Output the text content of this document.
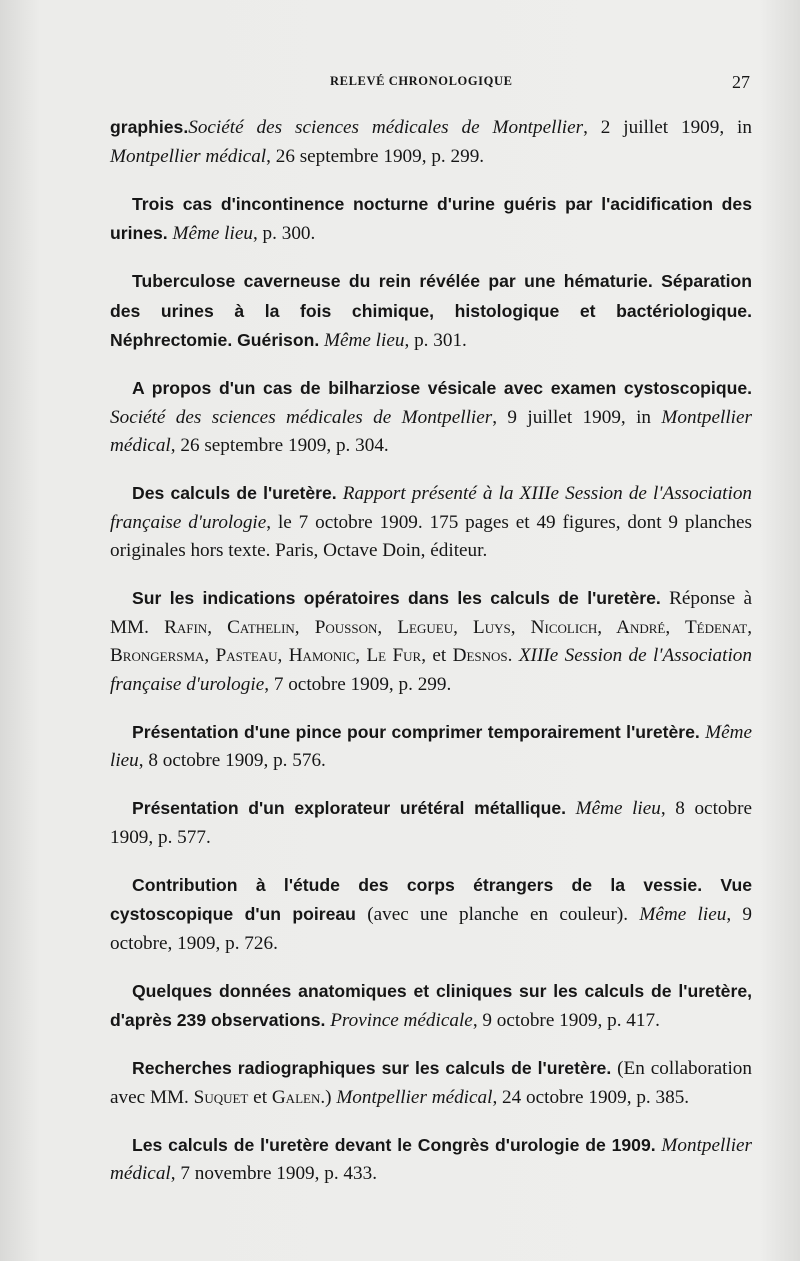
RELEVÉ CHRONOLOGIQUE	27

graphies.Société des sciences médicales de Montpellier, 2 juillet 1909, in Montpellier médical, 26 septembre 1909, p. 299.

Trois cas d'incontinence nocturne d'urine guéris par l'acidification des urines. Même lieu, p. 300.

Tuberculose caverneuse du rein révélée par une hématurie. Séparation des urines à la fois chimique, histologique et bactériologique. Néphrectomie. Guérison. Même lieu, p. 301.

A propos d'un cas de bilharziose vésicale avec examen cystoscopique. Société des sciences médicales de Montpellier, 9 juillet 1909, in Montpellier médical, 26 septembre 1909, p. 304.

Des calculs de l'uretère. Rapport présenté à la XIIIe Session de l'Association française d'urologie, le 7 octobre 1909. 175 pages et 49 figures, dont 9 planches originales hors texte. Paris, Octave Doin, éditeur.

Sur les indications opératoires dans les calculs de l'uretère. Réponse à MM. Rafin, Cathelin, Pousson, Legueu, Luys, Nicolich, André, Tédenat, Brongersma, Pasteau, Hamonic, Le Fur, et Desnos. XIIIe Session de l'Association française d'urologie, 7 octobre 1909, p. 299.

Présentation d'une pince pour comprimer temporairement l'uretère. Même lieu, 8 octobre 1909, p. 576.

Présentation d'un explorateur urétéral métallique. Même lieu, 8 octobre 1909, p. 577.

Contribution à l'étude des corps étrangers de la vessie. Vue cystoscopique d'un poireau (avec une planche en couleur). Même lieu, 9 octobre, 1909, p. 726.

Quelques données anatomiques et cliniques sur les calculs de l'uretère, d'après 239 observations. Province médicale, 9 octobre 1909, p. 417.

Recherches radiographiques sur les calculs de l'uretère. (En collaboration avec MM. Suquet et Galen.) Montpellier médical, 24 octobre 1909, p. 385.

Les calculs de l'uretère devant le Congrès d'urologie de 1909. Montpellier médical, 7 novembre 1909, p. 433.
